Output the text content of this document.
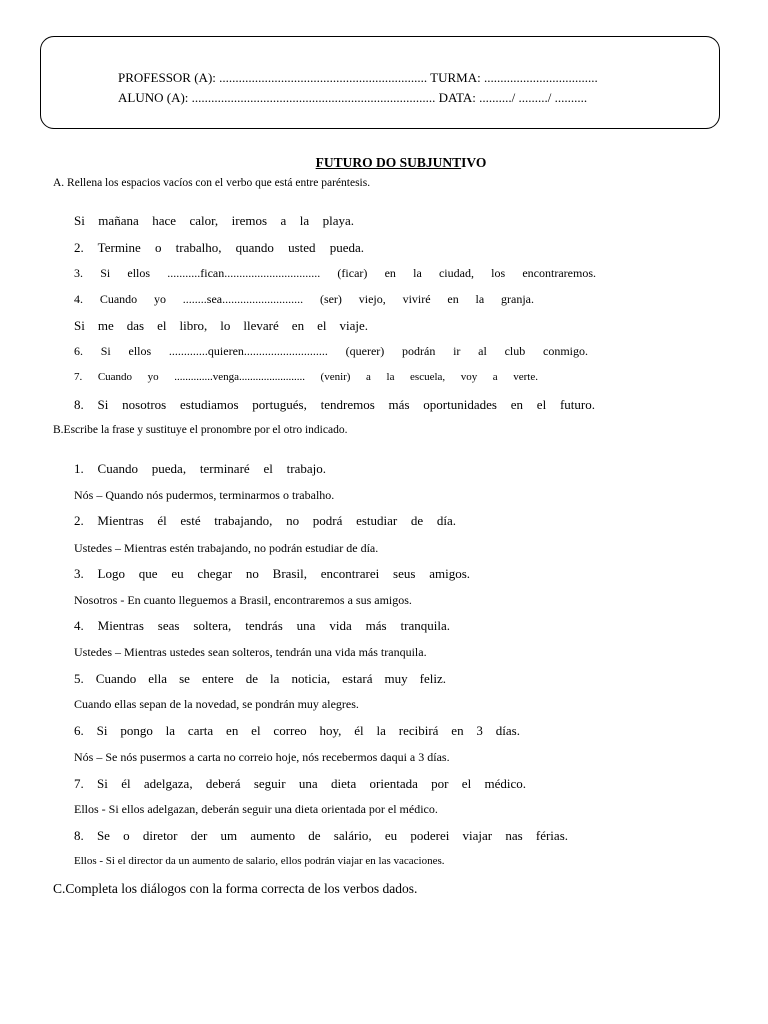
PROFESSOR (A): ................................................................ TURMA: ...................................
ALUNO (A): ........................................................................... DATA: ........../ ........./ ..........
FUTURO DO SUBJUNTIVO
A. Rellena los espacios vacíos con el verbo que está entre paréntesis.
Si mañana hace calor, iremos a la playa.
2. Termine o trabalho, quando usted pueda.
3. Si ellos ...........fican................................ (ficar) en la ciudad, los encontraremos.
4. Cuando yo ........sea........................... (ser) viejo, viviré en la granja.
Si me das el libro, lo llevaré en el viaje.
6. Si ellos .............quieren............................ (querer) podrán ir al club conmigo.
7. Cuando yo ..............venga........................ (venir) a la escuela, voy a verte.
8. Si nosotros estudiamos portugués, tendremos más oportunidades en el futuro.
B.Escribe la frase y sustituye el pronombre por el otro indicado.
1. Cuando pueda, terminaré el trabajo.
Nós – Quando nós pudermos, terminarmos o trabalho.
2. Mientras él esté trabajando, no podrá estudiar de día.
Ustedes – Mientras estén trabajando, no podrán estudiar de día.
3. Logo que eu chegar no Brasil, encontrarei seus amigos.
Nosotros - En cuanto lleguemos a Brasil, encontraremos a sus amigos.
4. Mientras seas soltera, tendrás una vida más tranquila.
Ustedes – Mientras ustedes sean solteros, tendrán una vida más tranquila.
5. Cuando ella se entere de la noticia, estará muy feliz.
Cuando ellas sepan de la novedad, se pondrán muy alegres.
6. Si pongo la carta en el correo hoy, él la recibirá en 3 días.
Nós – Se nós pusermos a carta no correio hoje, nós recebermos daqui a 3 días.
7. Si él adelgaza, deberá seguir una dieta orientada por el médico.
Ellos - Si ellos adelgazan, deberán seguir una dieta orientada por el médico.
8. Se o diretor der um aumento de salário, eu poderei viajar nas férias.
Ellos - Si el director da un aumento de salario, ellos podrán viajar en las vacaciones.
C.Completa los diálogos con la forma correcta de los verbos dados.
